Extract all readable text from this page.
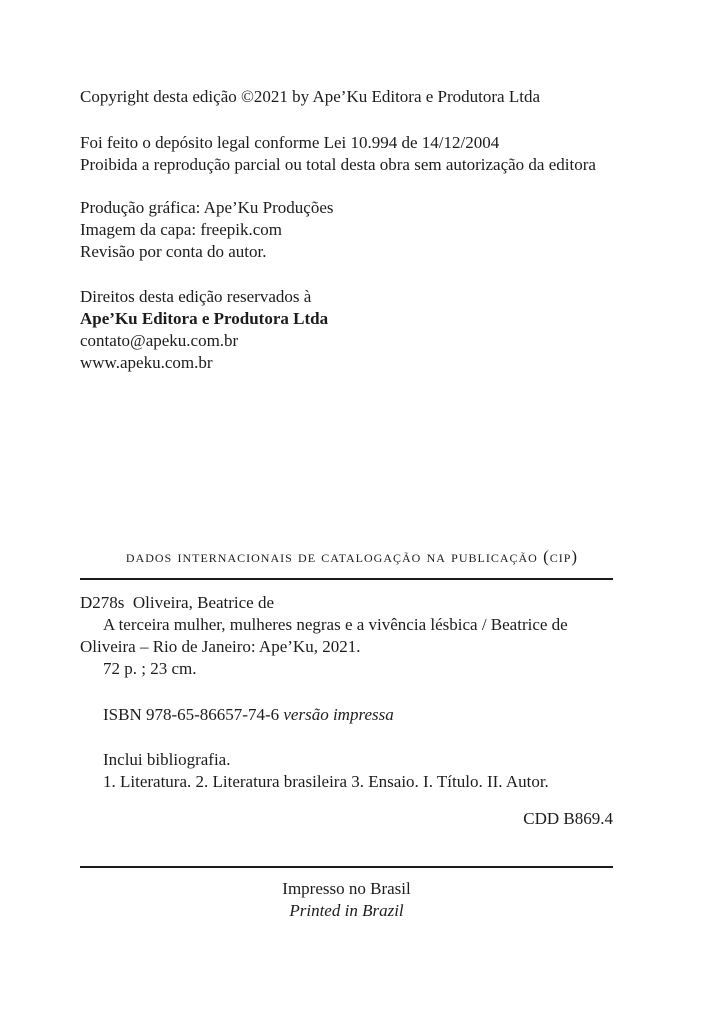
Copyright desta edição ©2021 by Ape’Ku Editora e Produtora Ltda
Foi feito o depósito legal conforme Lei 10.994 de 14/12/2004
Proibida a reprodução parcial ou total desta obra sem autorização da editora
Produção gráfica: Ape’Ku Produções
Imagem da capa: freepik.com
Revisão por conta do autor.
Direitos desta edição reservados à
Ape’Ku Editora e Produtora Ltda
contato@apeku.com.br
www.apeku.com.br
dados internacionais de catalogação na publicação (cip)
D278s Oliveira, Beatrice de
A terceira mulher, mulheres negras e a vivência lésbica / Beatrice de
Oliveira – Rio de Janeiro: Ape’Ku, 2021.
72 p. ; 23 cm.
ISBN 978-65-86657-74-6 versão impressa
Inclui bibliografia.
1. Literatura. 2. Literatura brasileira 3. Ensaio. I. Título. II. Autor.
CDD B869.4
Impresso no Brasil
Printed in Brazil
